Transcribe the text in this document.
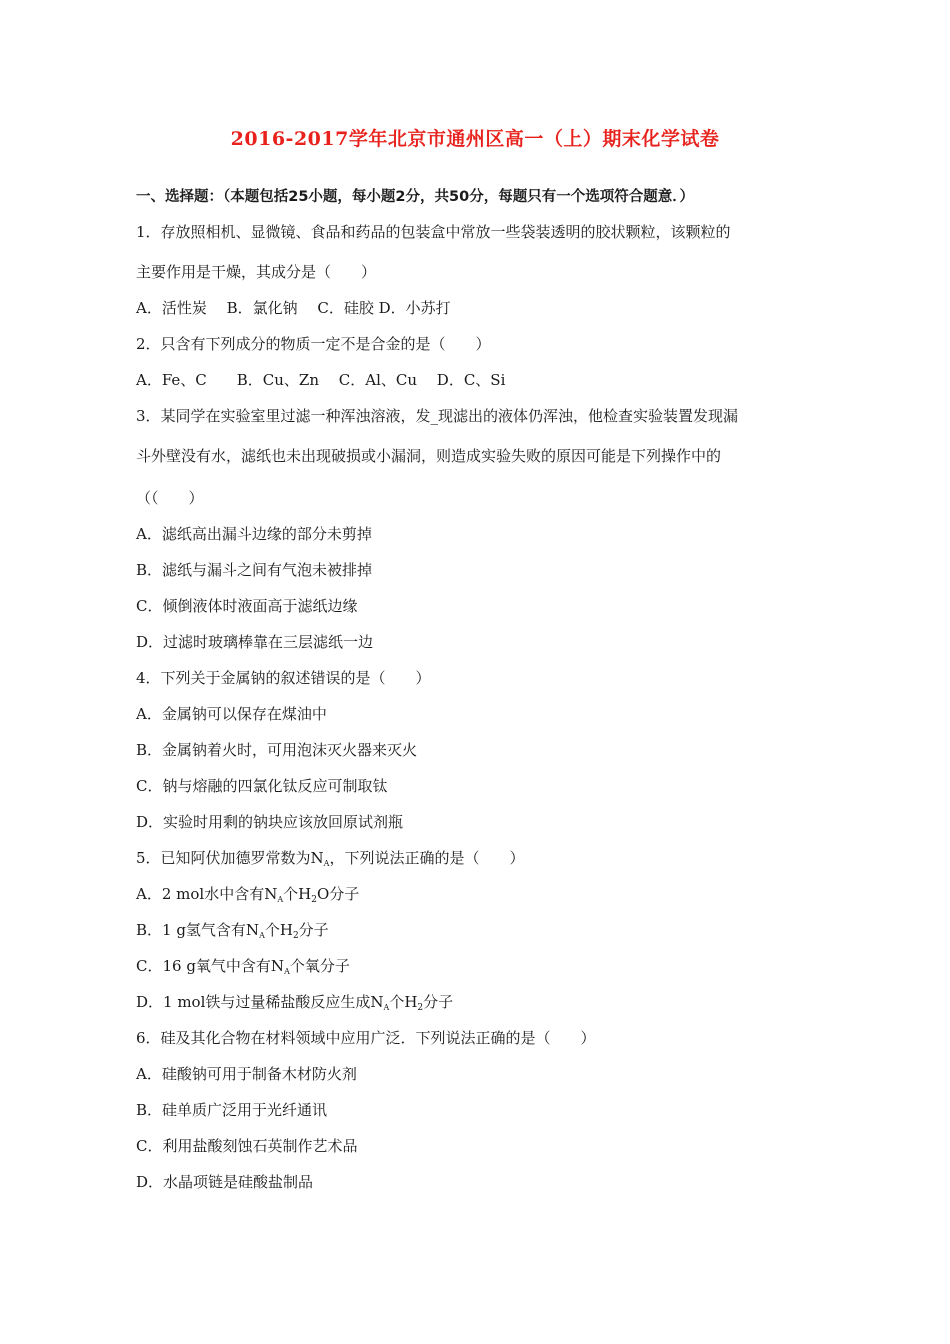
2016-2017学年北京市通州区高一（上）期末化学试卷
一、选择题：（本题包括25小题，每小题2分，共50分，每题只有一个选项符合题意．）
1．存放照相机、显微镜、食品和药品的包装盒中常放一些袋装透明的胶状颗粒，该颗粒的
主要作用是干燥，其成分是（　　）
A．活性炭　 B．氯化钠　 C．硅胶 D．小苏打
2．只含有下列成分的物质一定不是合金的是（　　）
A．Fe、C　　B．Cu、Zn　 C．Al、Cu　 D．C、Si
3．某同学在实验室里过滤一种浑浊溶液，发_现滤出的液体仍浑浊，他检查实验装置发现漏
斗外壁没有水，滤纸也未出现破损或小漏洞，则造成实验失败的原因可能是下列操作中的
（（　　）
A．滤纸高出漏斗边缘的部分未剪掉
B．滤纸与漏斗之间有气泡未被排掉
C．倾倒液体时液面高于滤纸边缘
D．过滤时玻璃棒靠在三层滤纸一边
4．下列关于金属钠的叙述错误的是（　　）
A．金属钠可以保存在煤油中
B．金属钠着火时，可用泡沫灭火器来灭火
C．钠与熔融的四氯化钛反应可制取钛
D．实验时用剩的钠块应该放回原试剂瓶
5．已知阿伏加德罗常数为$N_A$，下列说法正确的是（　　）
A．2 mol水中含有$N_A$个$H_2O$分子
B．1 g氢气含有$N_A$个$H_2$分子
C．16 g氧气中含有$N_A$个氧分子
D．1 mol铁与过量稀盐酸反应生成$N_A$个$H_2$分子
6．硅及其化合物在材料领域中应用广泛．下列说法正确的是（　　）
A．硅酸钠可用于制备木材防火剂
B．硅单质广泛用于光纤通讯
C．利用盐酸刻蚀石英制作艺术品
D．水晶项链是硅酸盐制品
